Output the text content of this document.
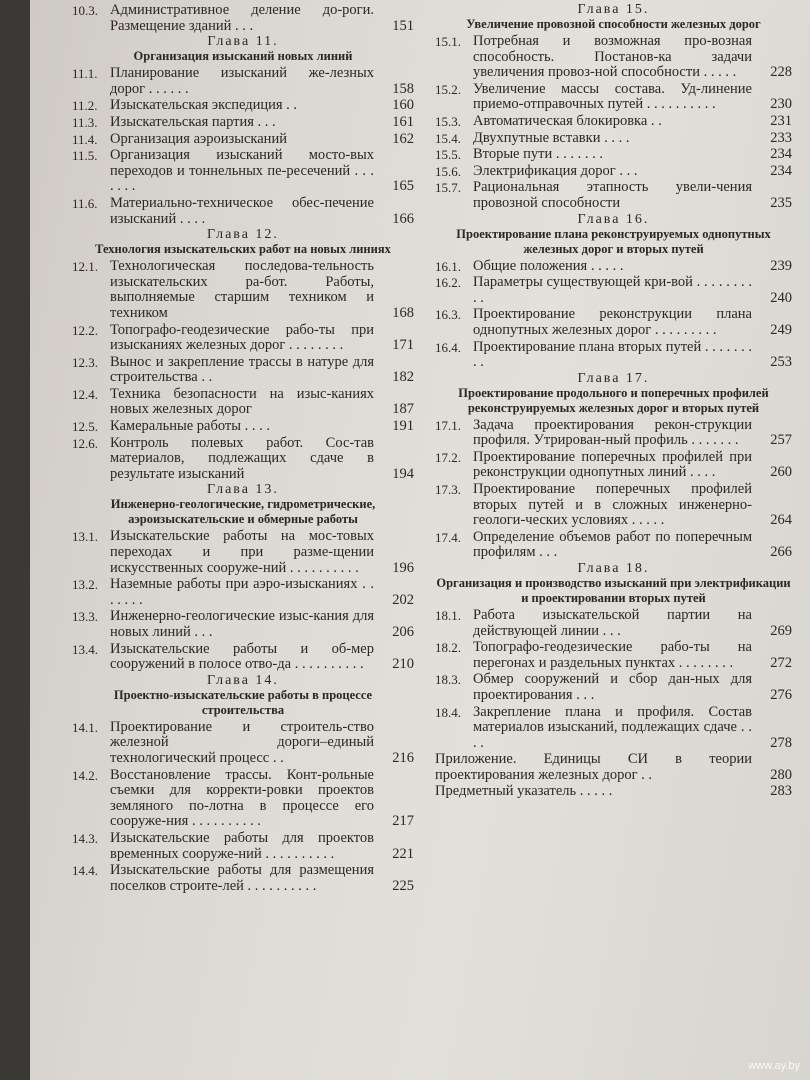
10.3. Административное деление до-роги. Размещение зданий . . .	151
Глава 11.
Организация изысканий новых линий
11.1. Планирование изысканий же-лезных дорог . . . . . .	158
11.2. Изыскательская экспедиция . .	160
11.3. Изыскательская партия . . .	161
11.4. Организация аэроизысканий	162
11.5. Организация изысканий мосто-вых переходов и тоннельных пе-ресечений . . . . . . .	165
11.6. Материально-техническое обес-печение изысканий . . . .	166
Глава 12.
Технология изыскательских работ на новых линиях
12.1. Технологическая последова-тельность изыскательских ра-бот. Работы, выполняемые старшим техником и техником	168
12.2. Топографо-геодезические рабо-ты при изысканиях железных дорог . . . . . . . .	171
12.3. Вынос и закрепление трассы в натуре для строительства . .	182
12.4. Техника безопасности на изыс-каниях новых железных дорог	187
12.5. Камеральные работы . . . .	191
12.6. Контроль полевых работ. Сос-тав материалов, подлежащих сдаче в результате изысканий	194
Глава 13.
Инженерно-геологические, гидрометрические, аэроизыскательские и обмерные работы
13.1. Изыскательские работы на мос-товых переходах и при разме-щении искусственных сооруже-ний . . . . . . . . . .	196
13.2. Наземные работы при аэро-изысканиях . . . . . . .	202
13.3. Инженерно-геологические изыс-кания для новых линий . . .	206
13.4. Изыскательские работы и об-мер сооружений в полосе отво-да . . . . . . . . . .	210
Глава 14.
Проектно-изыскательские работы в процессе строительства
14.1. Проектирование и строитель-ство железной дороги–единый технологический процесс . .	216
14.2. Восстановление трассы. Конт-рольные съемки для корректи-ровки проектов земляного по-лотна в процессе его сооруже-ния . . . . . . . . . .	217
14.3. Изыскательские работы для проектов временных сооруже-ний . . . . . . . . . .	221
14.4. Изыскательские работы для размещения поселков строите-лей . . . . . . . . . .	225
Глава 15.
Увеличение провозной способности железных дорог
15.1. Потребная и возможная про-возная способность. Постанов-ка задачи увеличения провоз-ной способности . . . . .	228
15.2. Увеличение массы состава. Уд-линение приемо-отправочных путей . . . . . . . . . .	230
15.3. Автоматическая блокировка . .	231
15.4. Двухпутные вставки . . . .	233
15.5. Вторые пути . . . . . . .	234
15.6. Электрификация дорог . . .	234
15.7. Рациональная этапность увели-чения провозной способности	235
Глава 16.
Проектирование плана реконструируемых однопутных железных дорог и вторых путей
16.1. Общие положения . . . . .	239
16.2. Параметры существующей кри-вой . . . . . . . . . .	240
16.3. Проектирование реконструкции плана однопутных железных дорог . . . . . . . . .	249
16.4. Проектирование плана вторых путей . . . . . . . . .	253
Глава 17.
Проектирование продольного и поперечных профилей реконструируемых железных дорог и вторых путей
17.1. Задача проектирования рекон-струкции профиля. Утрирован-ный профиль . . . . . . .	257
17.2. Проектирование поперечных профилей при реконструкции однопутных линий . . . .	260
17.3. Проектирование поперечных профилей вторых путей и в сложных инженерно-геологи-ческих условиях . . . . .	264
17.4. Определение объемов работ по поперечным профилям . . .	266
Глава 18.
Организация и производство изысканий при электрификации и проектировании вторых путей
18.1. Работа изыскательской партии на действующей линии . . .	269
18.2. Топографо-геодезические рабо-ты на перегонах и раздельных пунктах . . . . . . . .	272
18.3. Обмер сооружений и сбор дан-ных для проектирования . . .	276
18.4. Закрепление плана и профиля. Состав материалов изысканий, подлежащих сдаче . . . .	278
Приложение. Единицы СИ в теории проектирования железных дорог . .	280
Предметный указатель . . . . .	283
www.ay.by
